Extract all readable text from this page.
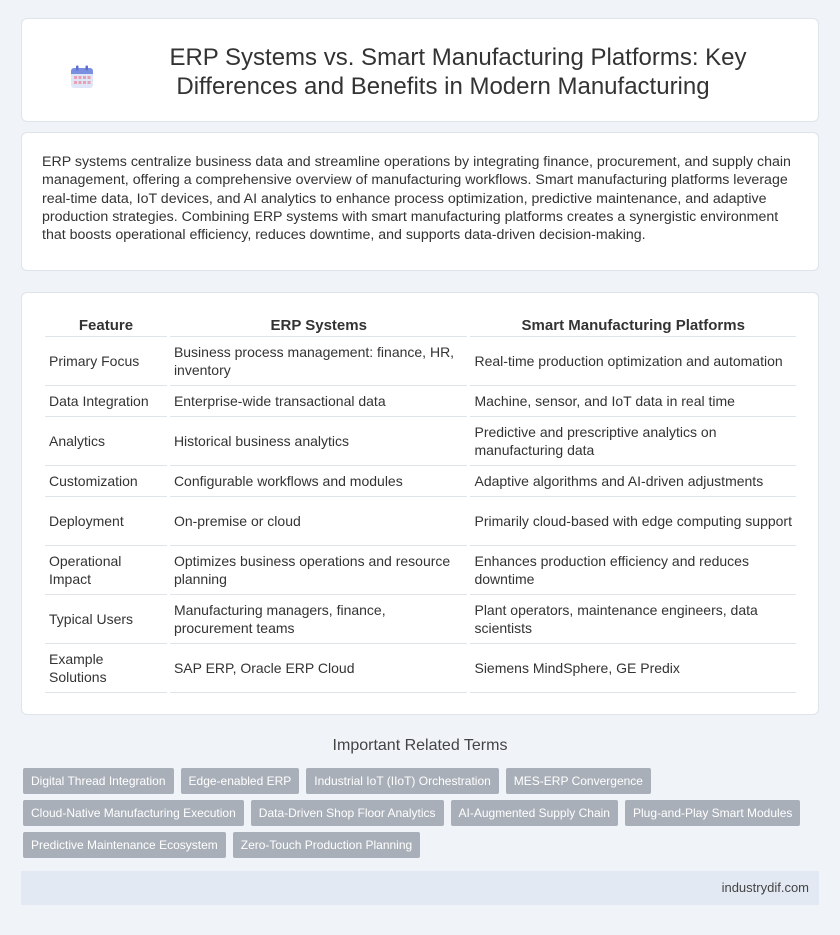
ERP Systems vs. Smart Manufacturing Platforms: Key Differences and Benefits in Modern Manufacturing

ERP systems centralize business data and streamline operations by integrating finance, procurement, and supply chain management, offering a comprehensive overview of manufacturing workflows. Smart manufacturing platforms leverage real-time data, IoT devices, and AI analytics to enhance process optimization, predictive maintenance, and adaptive production strategies. Combining ERP systems with smart manufacturing platforms creates a synergistic environment that boosts operational efficiency, reduces downtime, and supports data-driven decision-making.

Feature	ERP Systems	Smart Manufacturing Platforms
Primary Focus	Business process management: finance, HR, inventory	Real-time production optimization and automation
Data Integration	Enterprise-wide transactional data	Machine, sensor, and IoT data in real time
Analytics	Historical business analytics	Predictive and prescriptive analytics on manufacturing data
Customization	Configurable workflows and modules	Adaptive algorithms and AI-driven adjustments
Deployment	On-premise or cloud	Primarily cloud-based with edge computing support
Operational Impact	Optimizes business operations and resource planning	Enhances production efficiency and reduces downtime
Typical Users	Manufacturing managers, finance, procurement teams	Plant operators, maintenance engineers, data scientists
Example Solutions	SAP ERP, Oracle ERP Cloud	Siemens MindSphere, GE Predix
Important Related Terms
Digital Thread Integration	Edge-enabled ERP	Industrial IoT (IIoT) Orchestration	MES-ERP Convergence
Cloud-Native Manufacturing Execution	Data-Driven Shop Floor Analytics	AI-Augmented Supply Chain	Plug-and-Play Smart Modules
Predictive Maintenance Ecosystem	Zero-Touch Production Planning
industrydif.com
